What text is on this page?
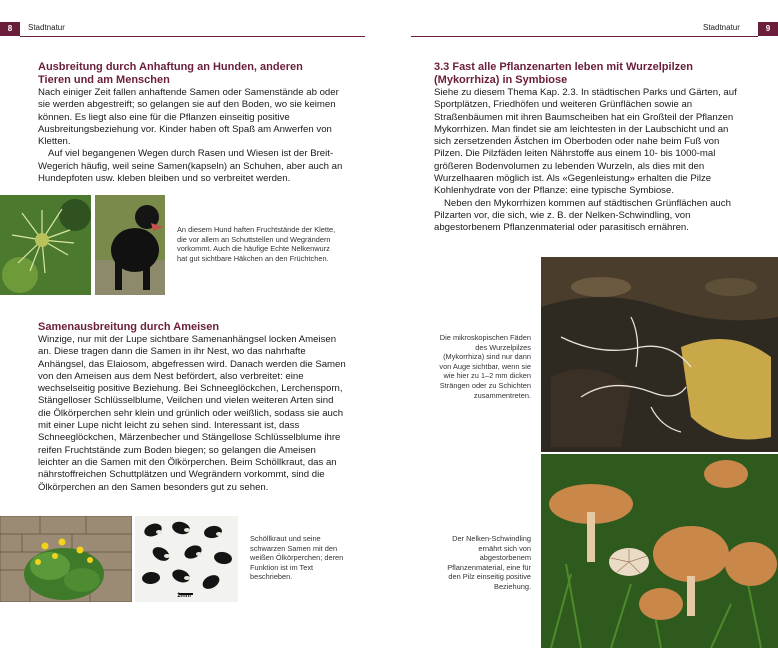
8	Stadtnatur
Ausbreitung durch Anhaftung an Hunden, anderen Tieren und am Menschen

Nach einiger Zeit fallen anhaftende Samen oder Samenstände ab oder sie werden abgestreift; so gelangen sie auf den Boden, wo sie keimen können. Es liegt also eine für die Pflanzen einseitig positive Ausbreitungsbeziehung vor. Kinder haben oft Spaß am Anwerfen von Kletten.

Auf viel begangenen Wegen durch Rasen und Wiesen ist der Breit-Wegerich häufig, weil seine Samen(kapseln) an Schuhen, aber auch an Hundepfoten usw. kleben bleiben und so verbreitet werden.

An diesem Hund haften Fruchtstände der Klette, die vor allem an Schuttstellen und Wegrändern vorkommt. Auch die häufige Echte Nelkenwurz hat gut sichtbare Häkchen an den Früchtchen.
Samenausbreitung durch Ameisen

Winzige, nur mit der Lupe sichtbare Samenanhängsel locken Ameisen an. Diese tragen dann die Samen in ihr Nest, wo das nahrhafte Anhängsel, das Elaiosom, abgefressen wird. Danach werden die Samen von den Ameisen aus dem Nest befördert, also verbreitet: eine wechselseitig positive Beziehung. Bei Schneeglöckchen, Lerchensporn, Stängelloser Schlüsselblume, Veilchen und vielen weiteren Arten sind die Ölkörperchen sehr klein und grünlich oder weißlich, sodass sie auch mit einer Lupe nicht leicht zu sehen sind. Interessant ist, dass Schneeglöckchen, Märzenbecher und Stängellose Schlüsselblume ihre reifen Fruchtstände zum Boden biegen; so gelangen die Ameisen leichter an die Samen mit den Ölkörperchen. Beim Schöllkraut, das an nährstoffreichen Schuttplätzen und Wegrändern vorkommt, sind die Ölkörperchen an den Samen besonders gut zu sehen.

1mm
Schöllkraut und seine schwarzen Samen mit den weißen Ölkörperchen; deren Funktion ist im Text beschrieben.
Stadtnatur	9
3.3 Fast alle Pflanzenarten leben mit Wurzelpilzen (Mykorrhiza) in Symbiose

Siehe zu diesem Thema Kap. 2.3. In städtischen Parks und Gärten, auf Sportplätzen, Friedhöfen und weiteren Grünflächen sowie an Straßenbäumen mit ihren Baumscheiben hat ein Großteil der Pflanzen Mykorrhizen. Man findet sie am leichtesten in der Laubschicht und an sich zersetzenden Ästchen im Oberboden oder nahe beim Fuß von Pilzen. Die Pilzfäden leiten Nährstoffe aus einem 10- bis 1000-mal größeren Bodenvolumen zu lebenden Wurzeln, als dies mit den Wurzelhaaren möglich ist. Als «Gegenleistung» erhalten die Pilze Kohlenhydrate von der Pflanze: eine typische Symbiose.

Neben den Mykorrhizen kommen auf städtischen Grünflächen auch Pilzarten vor, die sich, wie z. B. der Nelken-Schwindling, von abgestorbenem Pflanzenmaterial oder parasitisch ernähren.

Die mikroskopischen Fäden des Wurzelpilzes (Mykorrhiza) sind nur dann von Auge sichtbar, wenn sie wie hier zu 1–2 mm dicken Strängen oder zu Schichten zusammentreten.
Der Nelken-Schwindling ernährt sich von abgestorbenem Pflanzenmaterial, eine für den Pilz einseitig positive Beziehung.
